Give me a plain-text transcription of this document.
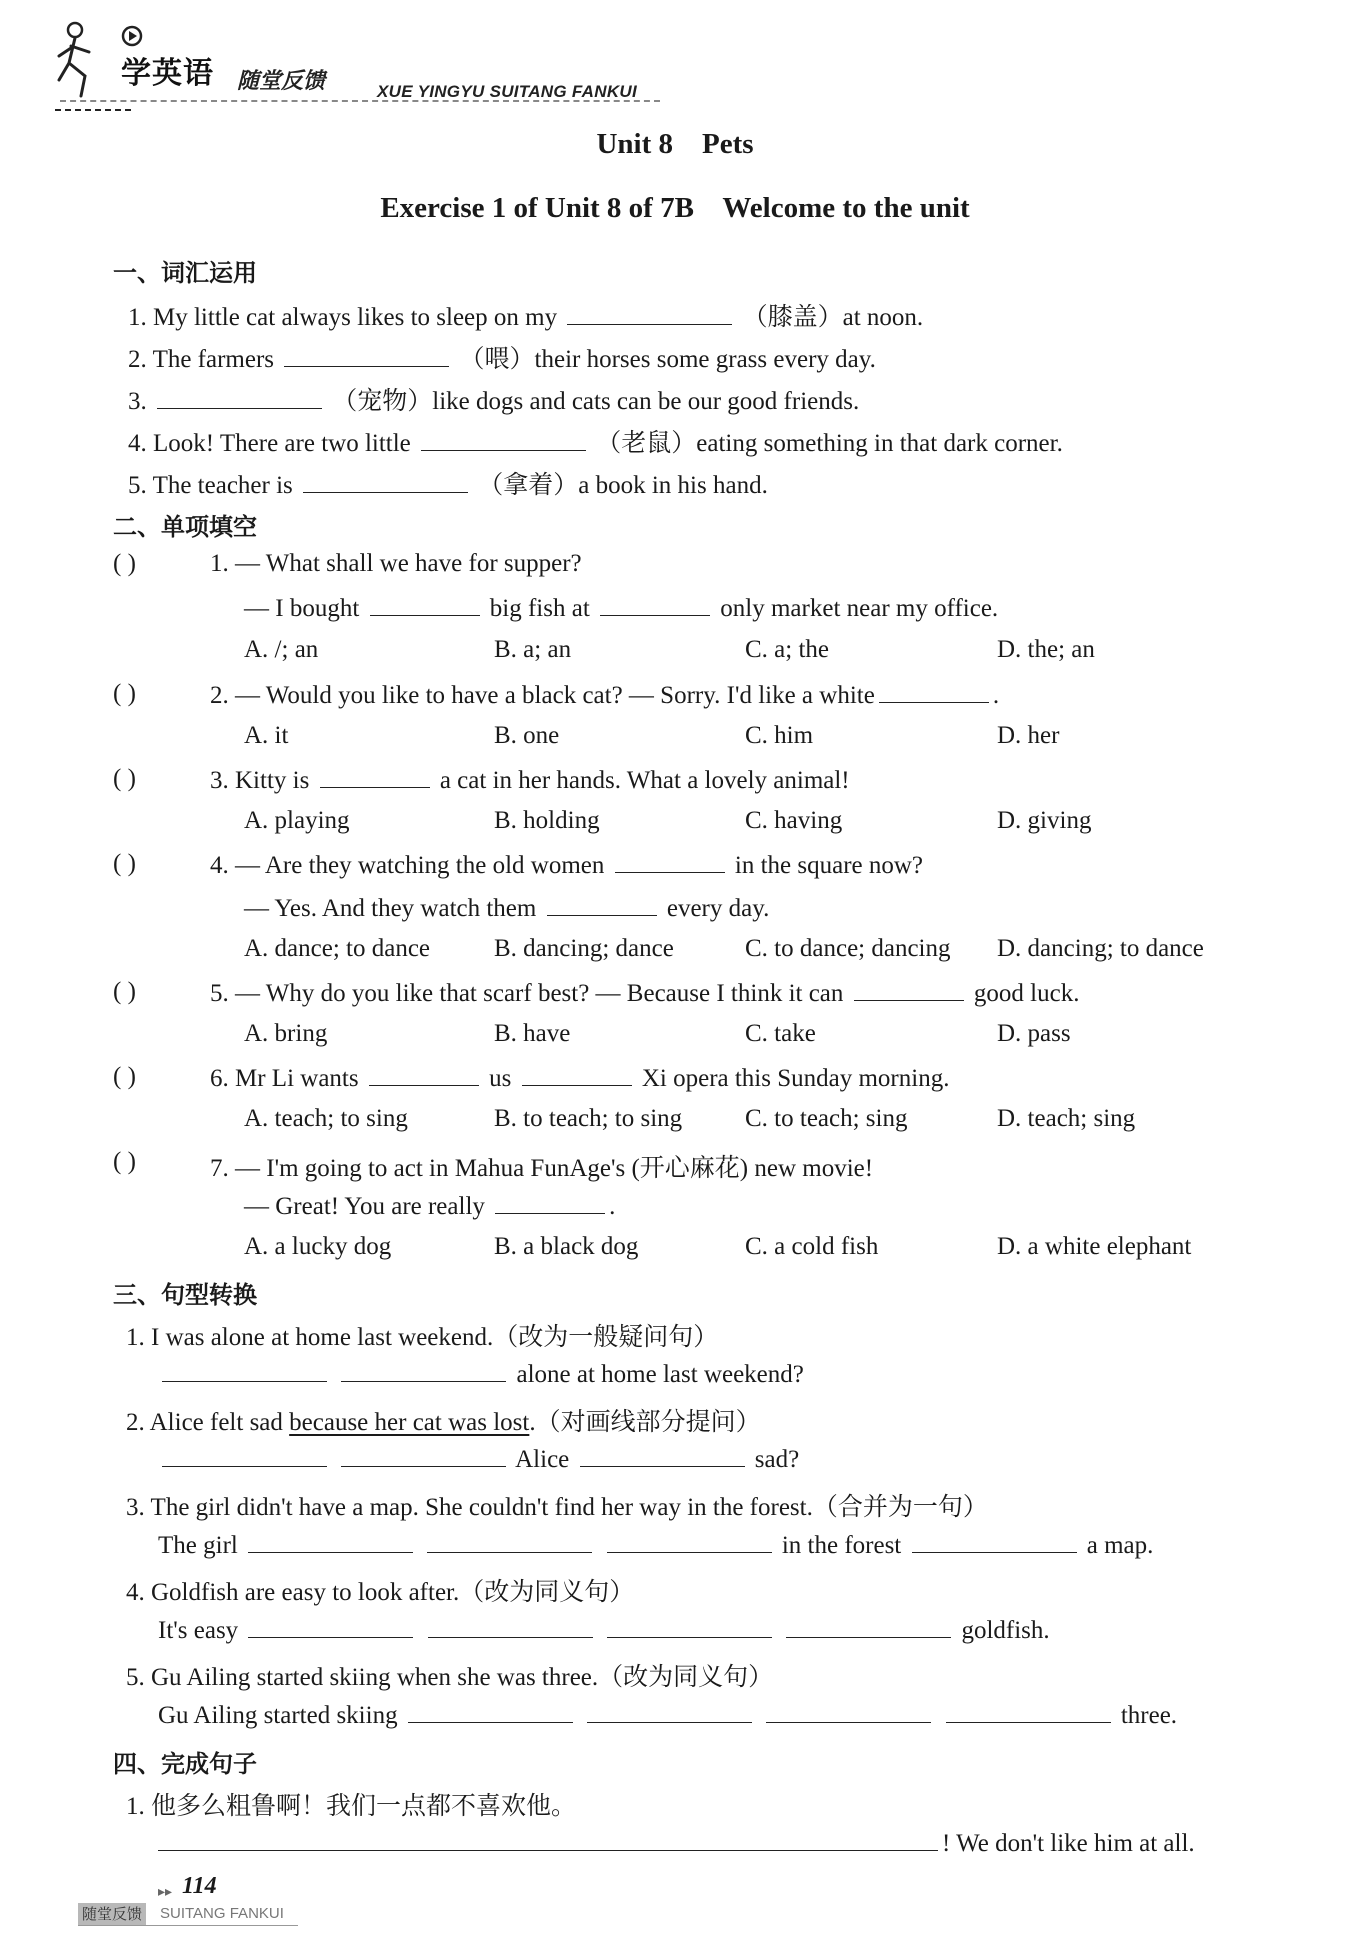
学英语 随堂反馈	XUE YINGYU SUITANG FANKUI
Unit 8    Pets
Exercise 1 of Unit 8 of 7B    Welcome to the unit
一、词汇运用
1. My little cat always likes to sleep on my	（膝盖）at noon.
2. The farmers	（喂）their horses some grass every day.
3.	（宠物）like dogs and cats can be our good friends.
4. Look! There are two little	（老鼠）eating something in that dark corner.
5. The teacher is	（拿着）a book in his hand.
二、单项填空
( )	1. — What shall we have for supper?
— I bought	big fish at	only market near my office.
A. /; an	B. a; an	C. a; the	D. the; an
( )	2. — Would you like to have a black cat? — Sorry. I'd like a white	.
A. it	B. one	C. him	D. her
( )	3. Kitty is	a cat in her hands. What a lovely animal!
A. playing	B. holding	C. having	D. giving
( )	4. — Are they watching the old women	in the square now?
— Yes. And they watch them	every day.
A. dance; to dance	B. dancing; dance	C. to dance; dancing D. dancing; to dance
( )	5. — Why do you like that scarf best? — Because I think it can	good luck.
A. bring	B. have	C. take	D. pass
( )	6. Mr Li wants	us	Xi opera this Sunday morning.
A. teach; to sing	B. to teach; to sing	C. to teach; sing	D. teach; sing
( )	7. — I'm going to act in Mahua FunAge's (开心麻花) new movie!
— Great! You are really	.
A. a lucky dog	B. a black dog	C. a cold fish	D. a white elephant
三、句型转换
1. I was alone at home last weekend.（改为一般疑问句）
alone at home last weekend?
2. Alice felt sad because her cat was lost.（对画线部分提问）
Alice	sad?
3. The girl didn't have a map. She couldn't find her way in the forest.（合并为一句）
The girl	in the forest	a map.
4. Goldfish are easy to look after.（改为同义句）
It's easy	goldfish.
5. Gu Ailing started skiing when she was three.（改为同义句）
Gu Ailing started skiing	three.
四、完成句子
1. 他多么粗鲁啊！我们一点都不喜欢他。
! We don't like him at all.
▸▸ 114
随堂反馈 SUITANG FANKUI
